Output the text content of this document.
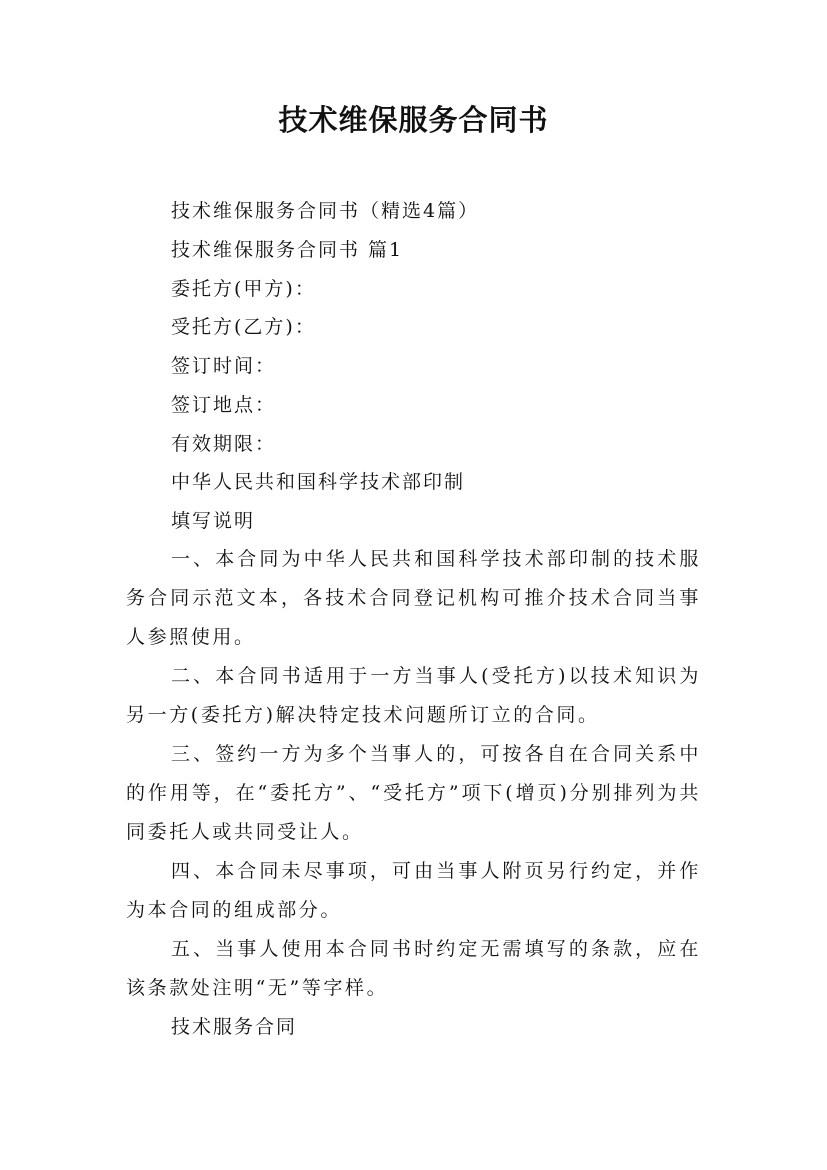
技术维保服务合同书

技术维保服务合同书（精选4篇）

技术维保服务合同书 篇1

委托方(甲方)：

受托方(乙方)：

签订时间：

签订地点：

有效期限：

中华人民共和国科学技术部印制

填写说明

一、本合同为中华人民共和国科学技术部印制的技术服务合同示范文本，各技术合同登记机构可推介技术合同当事人参照使用。

二、本合同书适用于一方当事人(受托方)以技术知识为另一方(委托方)解决特定技术问题所订立的合同。

三、签约一方为多个当事人的，可按各自在合同关系中的作用等，在“委托方”、“受托方”项下(增页)分别排列为共同委托人或共同受让人。

四、本合同未尽事项，可由当事人附页另行约定，并作为本合同的组成部分。

五、当事人使用本合同书时约定无需填写的条款，应在该条款处注明“无”等字样。

技术服务合同
